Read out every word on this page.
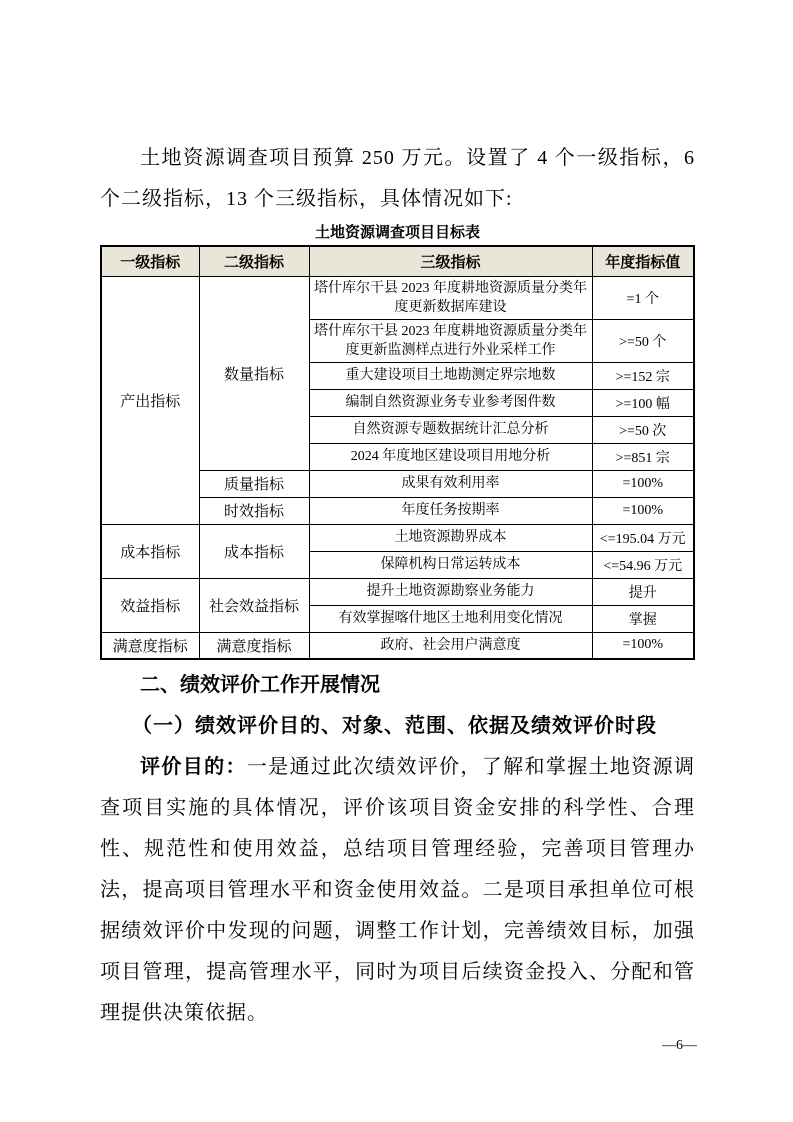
土地资源调查项目预算 250 万元。设置了 4 个一级指标，6 个二级指标，13 个三级指标，具体情况如下:

土地资源调查项目目标表
一级指标	二级指标	三级指标	年度指标值
产出指标	数量指标	塔什库尔干县 2023 年度耕地资源质量分类年度更新数据库建设	=1 个
		塔什库尔干县 2023 年度耕地资源质量分类年度更新监测样点进行外业采样工作	>=50 个
		重大建设项目土地勘测定界宗地数	>=152 宗
		编制自然资源业务专业参考图件数	>=100 幅
		自然资源专题数据统计汇总分析	>=50 次
		2024 年度地区建设项目用地分析	>=851 宗
	质量指标	成果有效利用率	=100%
	时效指标	年度任务按期率	=100%
成本指标	成本指标	土地资源勘界成本	<=195.04 万元
		保障机构日常运转成本	<=54.96 万元
效益指标	社会效益指标	提升土地资源勘察业务能力	提升
		有效掌握喀什地区土地利用变化情况	掌握
满意度指标	满意度指标	政府、社会用户满意度	=100%
二、绩效评价工作开展情况
（一）绩效评价目的、对象、范围、依据及绩效评价时段

评价目的：一是通过此次绩效评价，了解和掌握土地资源调查项目实施的具体情况，评价该项目资金安排的科学性、合理性、规范性和使用效益，总结项目管理经验，完善项目管理办法，提高项目管理水平和资金使用效益。二是项目承担单位可根据绩效评价中发现的问题，调整工作计划，完善绩效目标，加强项目管理，提高管理水平，同时为项目后续资金投入、分配和管理提供决策依据。

—6—
